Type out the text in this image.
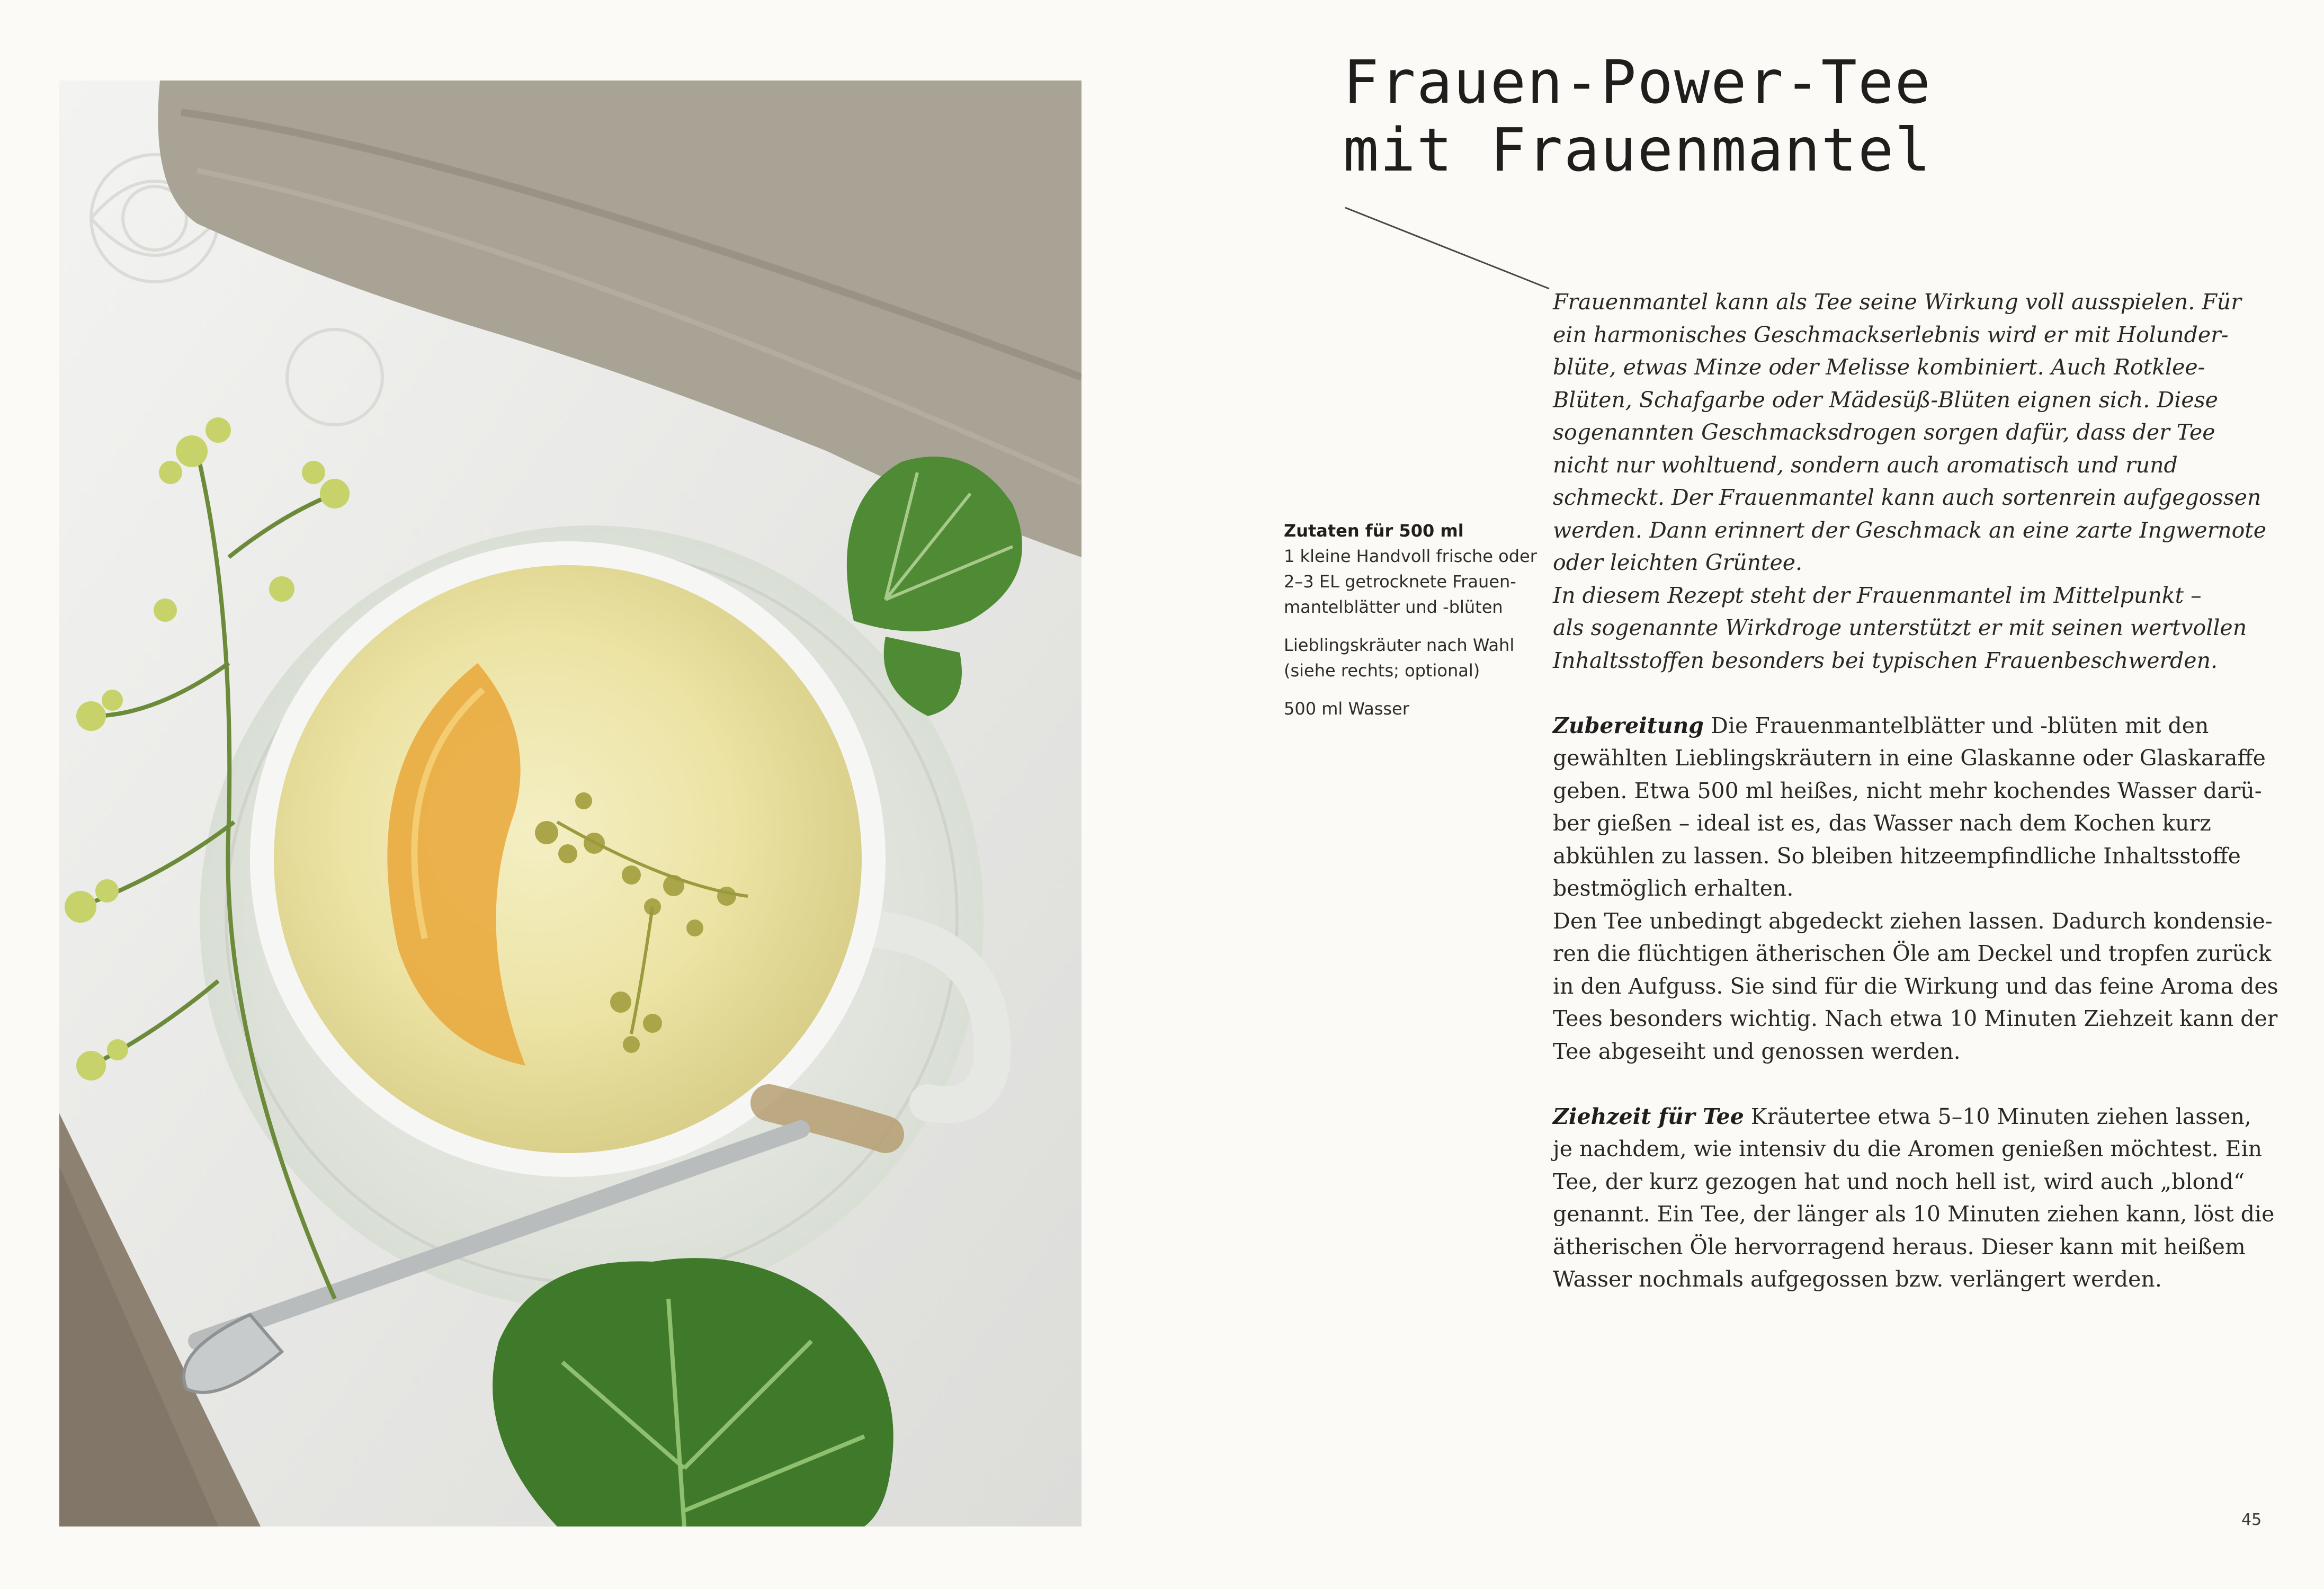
Frauen-Power-Tee
mit Frauenmantel

Zutaten für 500 ml
1 kleine Handvoll frische oder
2–3 EL getrocknete Frauen-
mantelblätter und -blüten

Lieblingskräuter nach Wahl
(siehe rechts; optional)

500 ml Wasser

Frauenmantel kann als Tee seine Wirkung voll ausspielen. Für
ein harmonisches Geschmackserlebnis wird er mit Holunder-
blüte, etwas Minze oder Melisse kombiniert. Auch Rotklee-
Blüten, Schafgarbe oder Mädesüß-Blüten eignen sich. Diese
sogenannten Geschmacksdrogen sorgen dafür, dass der Tee
nicht nur wohltuend, sondern auch aromatisch und rund
schmeckt. Der Frauenmantel kann auch sortenrein aufgegossen
werden. Dann erinnert der Geschmack an eine zarte Ingwernote
oder leichten Grüntee.
In diesem Rezept steht der Frauenmantel im Mittelpunkt –
als sogenannte Wirkdroge unterstützt er mit seinen wertvollen
Inhaltsstoffen besonders bei typischen Frauenbeschwerden.

Zubereitung Die Frauenmantelblätter und -blüten mit den
gewählten Lieblingskräutern in eine Glaskanne oder Glaskaraffe
geben. Etwa 500 ml heißes, nicht mehr kochendes Wasser darü-
ber gießen – ideal ist es, das Wasser nach dem Kochen kurz
abkühlen zu lassen. So bleiben hitzeempfindliche Inhaltsstoffe
bestmöglich erhalten.
Den Tee unbedingt abgedeckt ziehen lassen. Dadurch kondensie-
ren die flüchtigen ätherischen Öle am Deckel und tropfen zurück
in den Aufguss. Sie sind für die Wirkung und das feine Aroma des
Tees besonders wichtig. Nach etwa 10 Minuten Ziehzeit kann der
Tee abgeseiht und genossen werden.

Ziehzeit für Tee Kräutertee etwa 5–10 Minuten ziehen lassen,
je nachdem, wie intensiv du die Aromen genießen möchtest. Ein
Tee, der kurz gezogen hat und noch hell ist, wird auch „blond“
genannt. Ein Tee, der länger als 10 Minuten ziehen kann, löst die
ätherischen Öle hervorragend heraus. Dieser kann mit heißem
Wasser nochmals aufgegossen bzw. verlängert werden.

45
